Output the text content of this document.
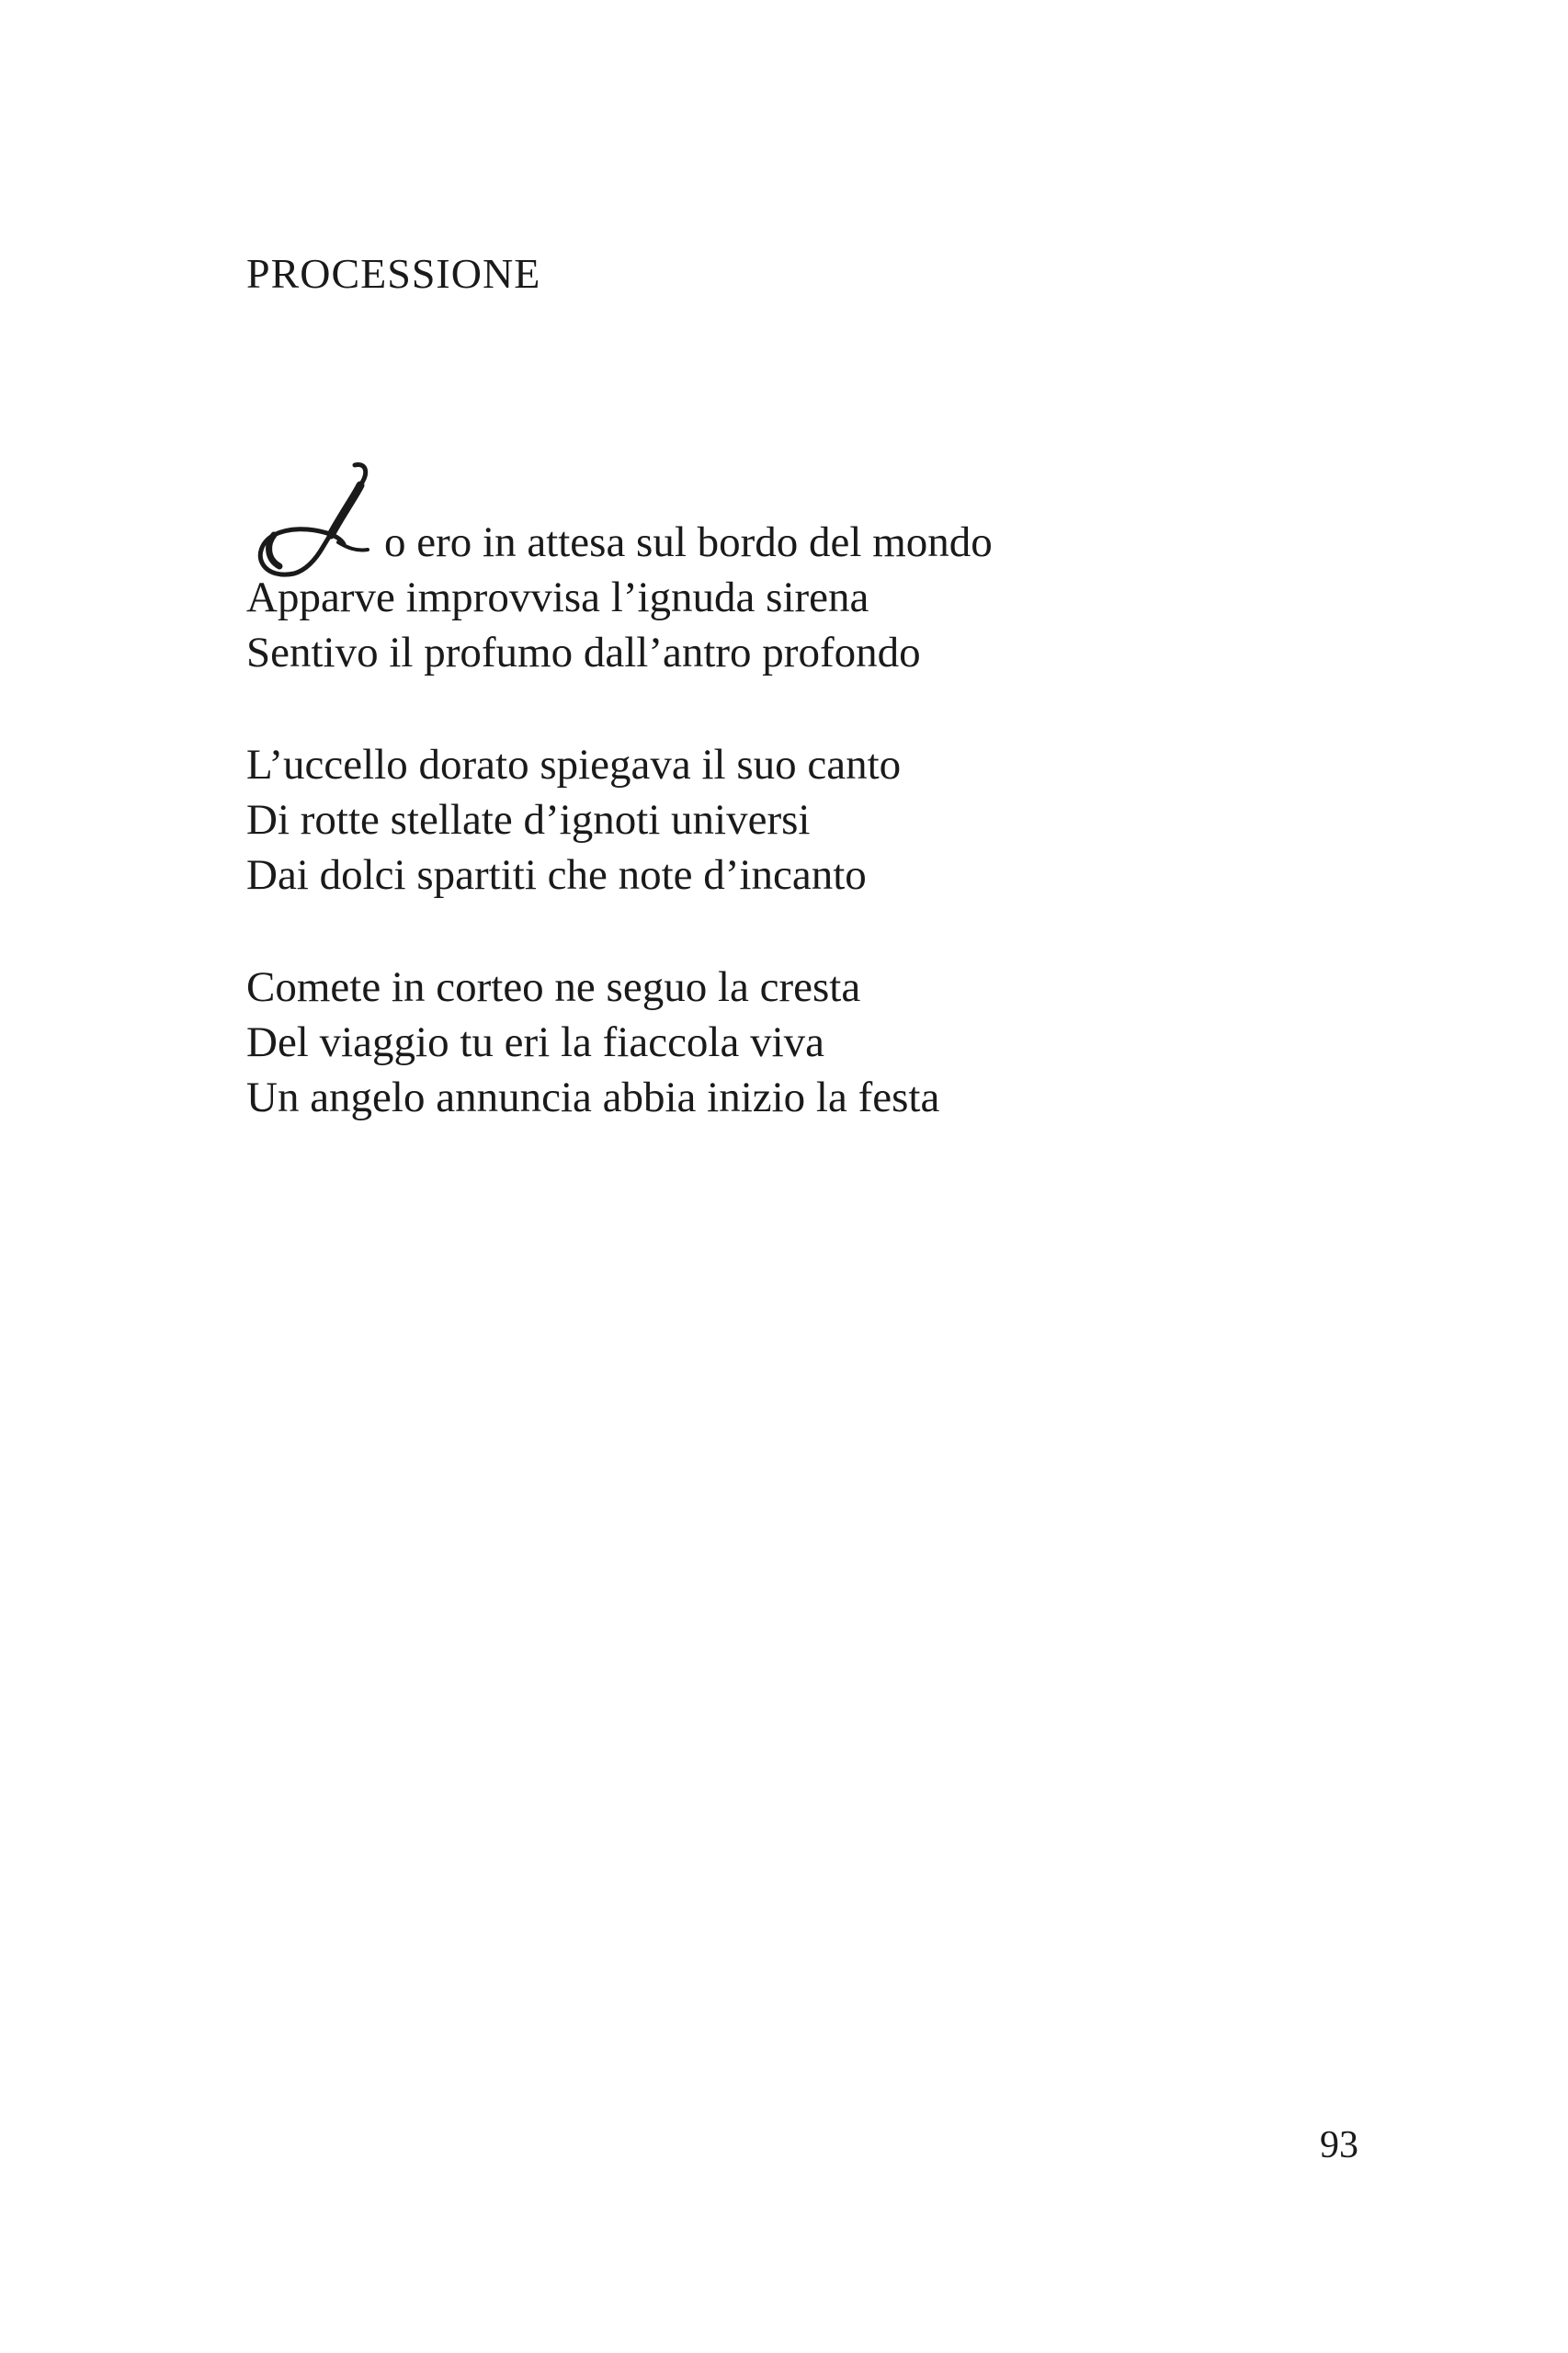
PROCESSIONE
o ero in attesa sul bordo del mondo
Apparve improvvisa l’ignuda sirena
Sentivo il profumo dall’antro profondo
L’uccello dorato spiegava il suo canto
Di rotte stellate d’ignoti universi
Dai dolci spartiti che note d’incanto
Comete in corteo ne seguo la cresta
Del viaggio tu eri la fiaccola viva
Un angelo annuncia abbia inizio la festa
93
